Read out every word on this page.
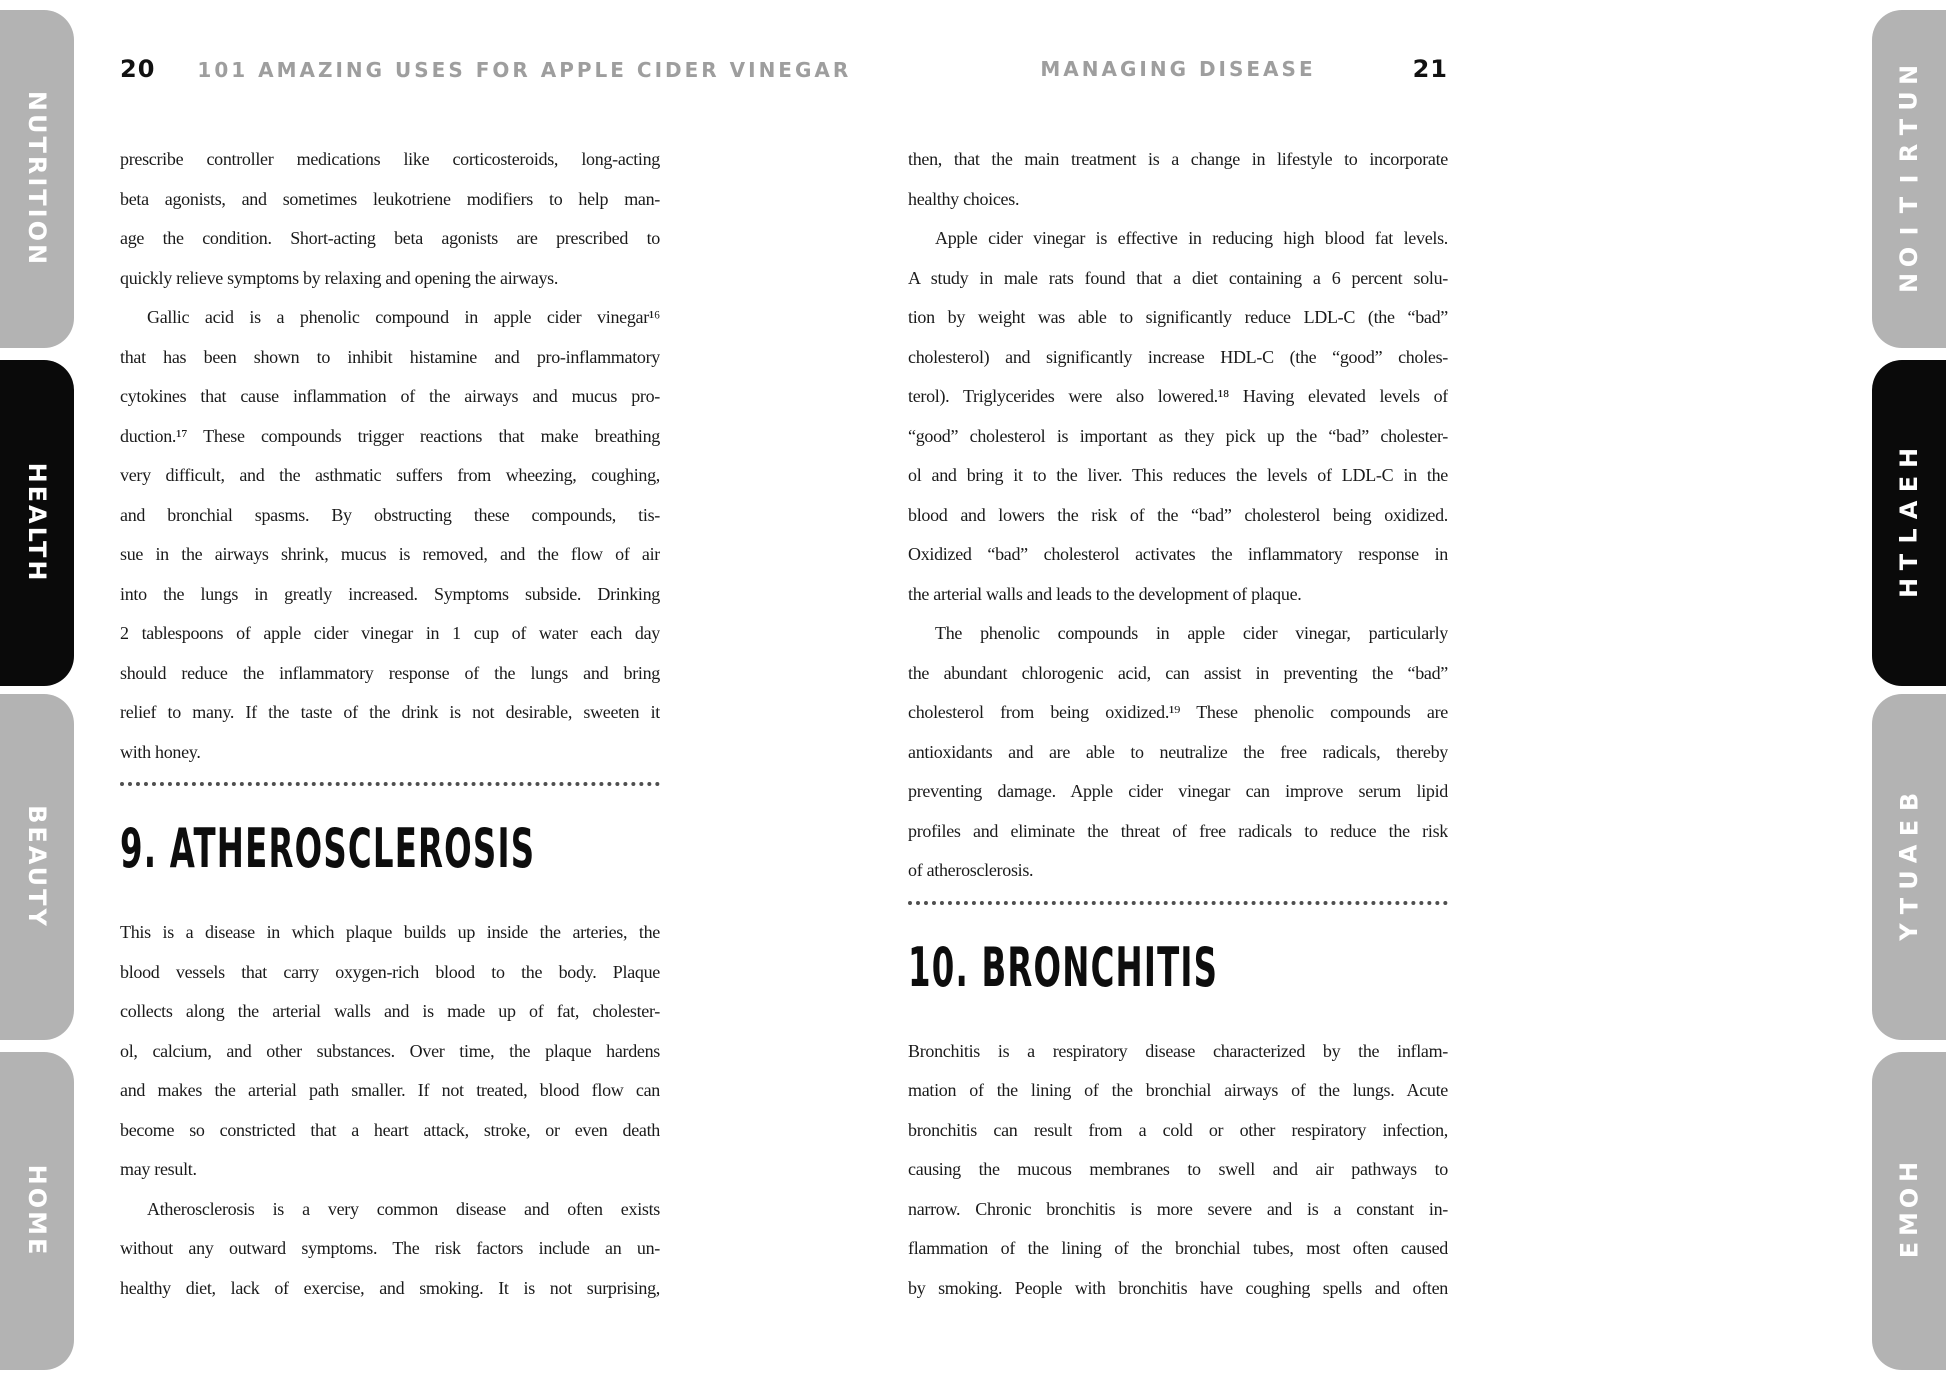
NUTRITION
HEALTH
BEAUTY
HOME
N
U
T
R
I
T
I
O
N
H
E
A
L
T
H
B
E
A
U
T
Y
H
O
M
E
20 101 AMAZING USES FOR APPLE CIDER VINEGAR
prescribe controller medications like corticosteroids, long-acting
beta agonists, and sometimes leukotriene modifiers to help man-
age the condition. Short-acting beta agonists are prescribed to
quickly relieve symptoms by relaxing and opening the airways.
Gallic acid is a phenolic compound in apple cider vinegar¹⁶
that has been shown to inhibit histamine and pro-inflammatory
cytokines that cause inflammation of the airways and mucus pro-
duction.¹⁷ These compounds trigger reactions that make breathing
very difficult, and the asthmatic suffers from wheezing, coughing,
and bronchial spasms. By obstructing these compounds, tis-
sue in the airways shrink, mucus is removed, and the flow of air
into the lungs in greatly increased. Symptoms subside. Drinking
2 tablespoons of apple cider vinegar in 1 cup of water each day
should reduce the inflammatory response of the lungs and bring
relief to many. If the taste of the drink is not desirable, sweeten it
with honey.
9. ATHEROSCLEROSIS
This is a disease in which plaque builds up inside the arteries, the
blood vessels that carry oxygen-rich blood to the body. Plaque
collects along the arterial walls and is made up of fat, cholester-
ol, calcium, and other substances. Over time, the plaque hardens
and makes the arterial path smaller. If not treated, blood flow can
become so constricted that a heart attack, stroke, or even death
may result.
Atherosclerosis is a very common disease and often exists
without any outward symptoms. The risk factors include an un-
healthy diet, lack of exercise, and smoking. It is not surprising,
MANAGING DISEASE	21
then, that the main treatment is a change in lifestyle to incorporate
healthy choices.
Apple cider vinegar is effective in reducing high blood fat levels.
A study in male rats found that a diet containing a 6 percent solu-
tion by weight was able to significantly reduce LDL-C (the “bad”
cholesterol) and significantly increase HDL-C (the “good” choles-
terol). Triglycerides were also lowered.¹⁸ Having elevated levels of
“good” cholesterol is important as they pick up the “bad” cholester-
ol and bring it to the liver. This reduces the levels of LDL-C in the
blood and lowers the risk of the “bad” cholesterol being oxidized.
Oxidized “bad” cholesterol activates the inflammatory response in
the arterial walls and leads to the development of plaque.
The phenolic compounds in apple cider vinegar, particularly
the abundant chlorogenic acid, can assist in preventing the “bad”
cholesterol from being oxidized.¹⁹ These phenolic compounds are
antioxidants and are able to neutralize the free radicals, thereby
preventing damage. Apple cider vinegar can improve serum lipid
profiles and eliminate the threat of free radicals to reduce the risk
of atherosclerosis.
10. BRONCHITIS
Bronchitis is a respiratory disease characterized by the inflam-
mation of the lining of the bronchial airways of the lungs. Acute
bronchitis can result from a cold or other respiratory infection,
causing the mucous membranes to swell and air pathways to
narrow. Chronic bronchitis is more severe and is a constant in-
flammation of the lining of the bronchial tubes, most often caused
by smoking. People with bronchitis have coughing spells and often
